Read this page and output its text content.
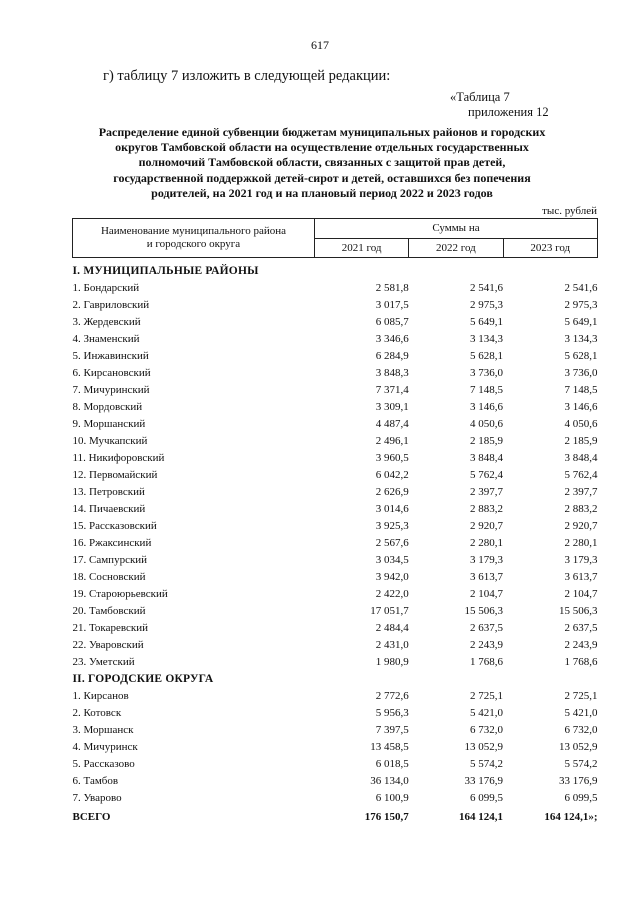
617
г) таблицу 7 изложить в следующей редакции:
«Таблица 7
приложения 12
Распределение единой субвенции бюджетам муниципальных районов и городских
округов Тамбовской области на осуществление отдельных государственных
полномочий Тамбовской области, связанных с защитой прав детей,
государственной поддержкой детей-сирот и детей, оставшихся без попечения
родителей, на 2021 год и на плановый период 2022 и 2023 годов
тыс. рублей
Наименование муниципального района
и городского округа	Суммы на		
	2021 год	2022 год	2023 год

I. МУНИЦИПАЛЬНЫЕ РАЙОНЫ			
1. Бондарский	2 581,8	2 541,6	2 541,6
2. Гавриловский	3 017,5	2 975,3	2 975,3
3. Жердевский	6 085,7	5 649,1	5 649,1
4. Знаменский	3 346,6	3 134,3	3 134,3
5. Инжавинский	6 284,9	5 628,1	5 628,1
6. Кирсановский	3 848,3	3 736,0	3 736,0
7. Мичуринский	7 371,4	7 148,5	7 148,5
8. Мордовский	3 309,1	3 146,6	3 146,6
9. Моршанский	4 487,4	4 050,6	4 050,6
10. Мучкапский	2 496,1	2 185,9	2 185,9
11. Никифоровский	3 960,5	3 848,4	3 848,4
12. Первомайский	6 042,2	5 762,4	5 762,4
13. Петровский	2 626,9	2 397,7	2 397,7
14. Пичаевский	3 014,6	2 883,2	2 883,2
15. Рассказовский	3 925,3	2 920,7	2 920,7
16. Ржаксинский	2 567,6	2 280,1	2 280,1
17. Сампурский	3 034,5	3 179,3	3 179,3
18. Сосновский	3 942,0	3 613,7	3 613,7
19. Староюрьевский	2 422,0	2 104,7	2 104,7
20. Тамбовский	17 051,7	15 506,3	15 506,3
21. Токаревский	2 484,4	2 637,5	2 637,5
22. Уваровский	2 431,0	2 243,9	2 243,9
23. Уметский	1 980,9	1 768,6	1 768,6
II. ГОРОДСКИЕ ОКРУГА			
1. Кирсанов	2 772,6	2 725,1	2 725,1
2. Котовск	5 956,3	5 421,0	5 421,0
3. Моршанск	7 397,5	6 732,0	6 732,0
4. Мичуринск	13 458,5	13 052,9	13 052,9
5. Рассказово	6 018,5	5 574,2	5 574,2
6. Тамбов	36 134,0	33 176,9	33 176,9
7. Уварово	6 100,9	6 099,5	6 099,5
ВСЕГО	176 150,7	164 124,1	164 124,1»;
